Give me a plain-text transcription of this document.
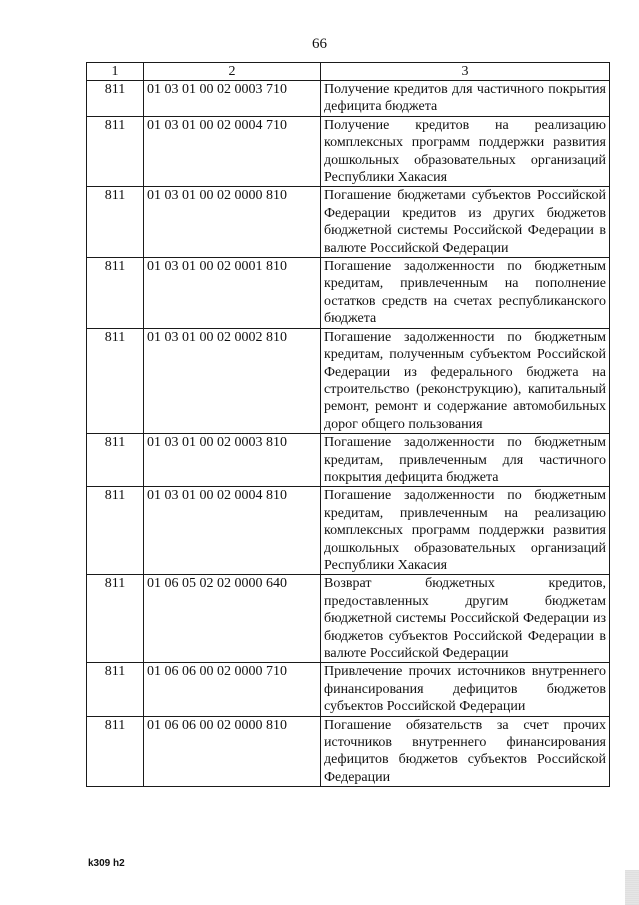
66
1	2	3
811	01 03 01 00 02 0003 710	Получение кредитов для частичного покрытия дефицита бюджета
811	01 03 01 00 02 0004 710	Получение кредитов на реализацию комплексных программ поддержки развития дошкольных образовательных организаций Республики Хакасия
811	01 03 01 00 02 0000 810	Погашение бюджетами субъектов Российской Федерации кредитов из других бюджетов бюджетной системы Российской Федерации в валюте Российской Федерации
811	01 03 01 00 02 0001 810	Погашение задолженности по бюджетным кредитам, привлеченным на пополнение остатков средств на счетах республиканского бюджета
811	01 03 01 00 02 0002 810	Погашение задолженности по бюджетным кредитам, полученным субъектом Российской Федерации из федерального бюджета на строительство (реконструкцию), капитальный ремонт, ремонт и содержание автомобильных дорог общего пользования
811	01 03 01 00 02 0003 810	Погашение задолженности по бюджетным кредитам, привлеченным для частичного покрытия дефицита бюджета
811	01 03 01 00 02 0004 810	Погашение задолженности по бюджетным кредитам, привлеченным на реализацию комплексных программ поддержки развития дошкольных образовательных организаций Республики Хакасия
811	01 06 05 02 02 0000 640	Возврат бюджетных кредитов, предоставленных другим бюджетам бюджетной системы Российской Федерации из бюджетов субъектов Российской Федерации в валюте Российской Федерации
811	01 06 06 00 02 0000 710	Привлечение прочих источников внутреннего финансирования дефицитов бюджетов субъектов Российской Федерации
811	01 06 06 00 02 0000 810	Погашение обязательств за счет прочих источников внутреннего финансирования дефицитов бюджетов субъектов Российской Федерации
k309 h2
